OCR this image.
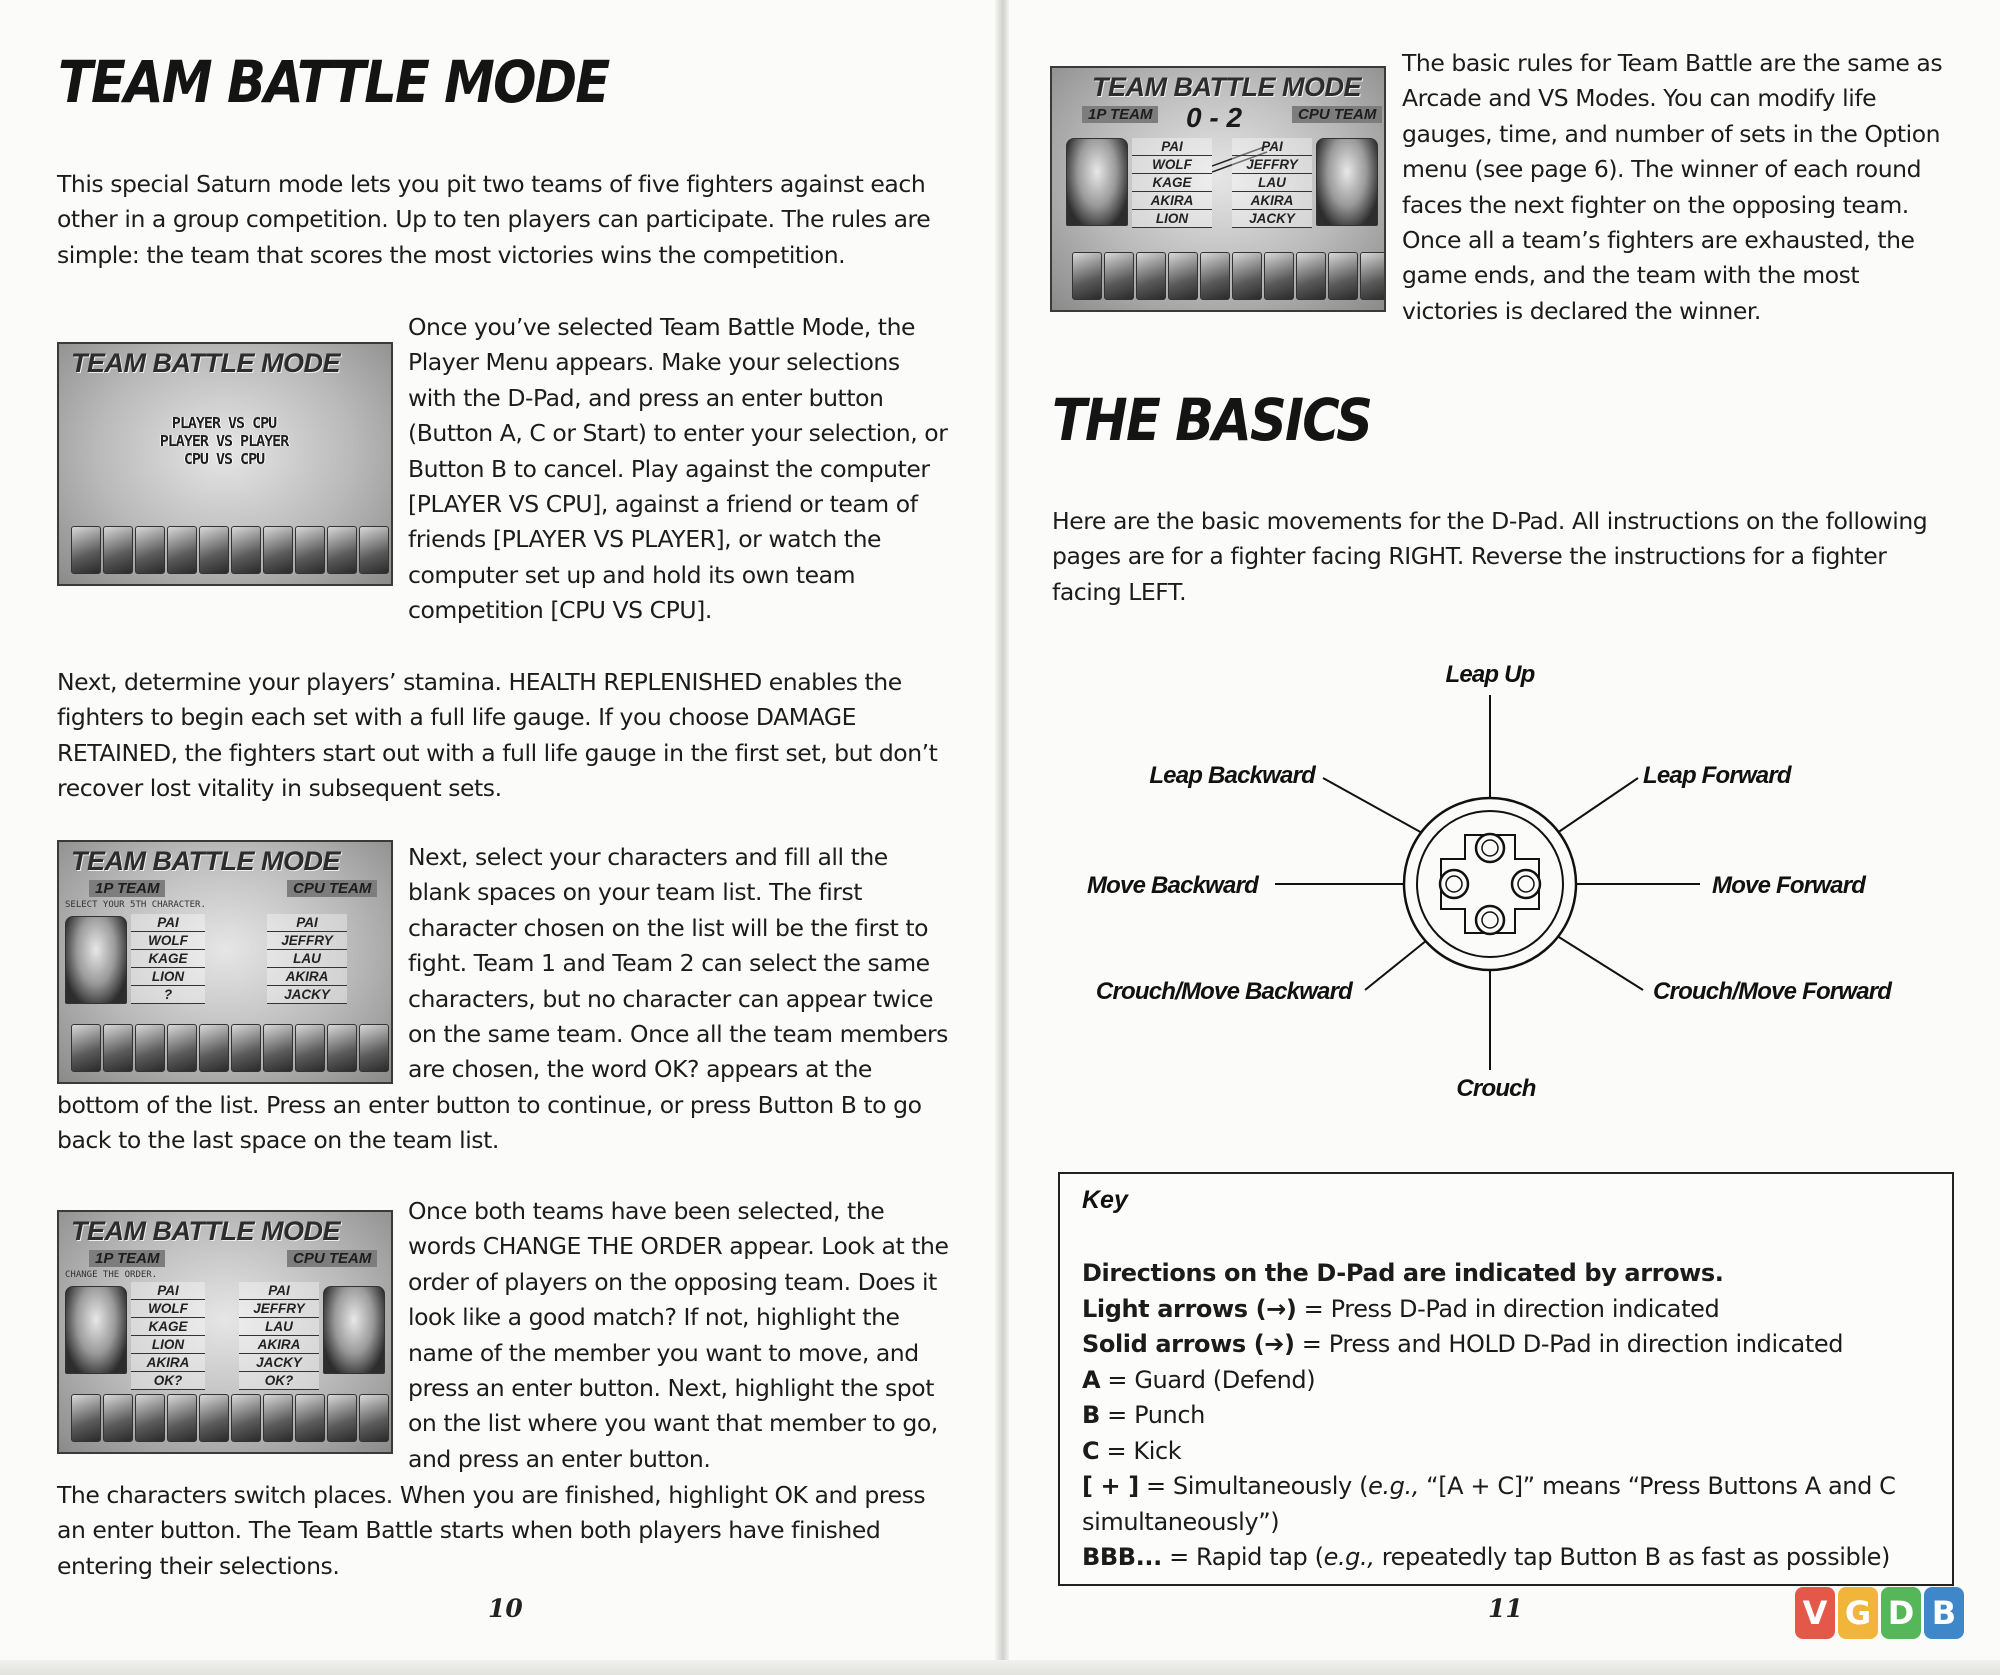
TEAM BATTLE MODE

This special Saturn mode lets you pit two teams of five fighters against each other in a group competition. Up to ten players can participate. The rules are simple: the team that scores the most victories wins the competition.

TEAM BATTLE MODE
PLAYER VS CPU
PLAYER VS PLAYER
CPU VS CPU

Once you’ve selected Team Battle Mode, the Player Menu appears. Make your selections with the D-Pad, and press an enter button (Button A, C or Start) to enter your selection, or Button B to cancel. Play against the computer [PLAYER VS CPU], against a friend or team of friends [PLAYER VS PLAYER], or watch the computer set up and hold its own team competition [CPU VS CPU].

Next, determine your players’ stamina. HEALTH REPLENISHED enables the fighters to begin each set with a full life gauge. If you choose DAMAGE RETAINED, the fighters start out with a full life gauge in the first set, but don’t recover lost vitality in subsequent sets.

TEAM BATTLE MODE
1P TEAM	CPU TEAM
SELECT YOUR 5TH CHARACTER.
PAI
WOLF
KAGE
LION
?
PAI
JEFFRY
LAU
AKIRA
JACKY

Next, select your characters and fill all the blank spaces on your team list. The first character chosen on the list will be the first to fight. Team 1 and Team 2 can select the same characters, but no character can appear twice on the same team. Once all the team members are chosen, the word OK? appears at the

bottom of the list. Press an enter button to continue, or press Button B to go back to the last space on the team list.

TEAM BATTLE MODE
1P TEAM	CPU TEAM
CHANGE THE ORDER.
PAI
WOLF
KAGE
LION
AKIRA
OK?
PAI
JEFFRY
LAU
AKIRA
JACKY
OK?

Once both teams have been selected, the words CHANGE THE ORDER appear. Look at the order of players on the opposing team. Does it look like a good match? If not, highlight the name of the member you want to move, and press an enter button. Next, highlight the spot on the list where you want that member to go, and press an enter button.

The characters switch places. When you are finished, highlight OK and press an enter button. The Team Battle starts when both players have finished entering their selections.

10
TEAM BATTLE MODE
1P TEAM	CPU TEAM
0 - 2
PAI
WOLF
KAGE
AKIRA
LION
PAI
JEFFRY
LAU
AKIRA
JACKY

The basic rules for Team Battle are the same as Arcade and VS Modes. You can modify life gauges, time, and number of sets in the Option menu (see page 6). The winner of each round faces the next fighter on the opposing team. Once all a team’s fighters are exhausted, the game ends, and the team with the most victories is declared the winner.

THE BASICS

Here are the basic movements for the D-Pad. All instructions on the following pages are for a fighter facing RIGHT. Reverse the instructions for a fighter facing LEFT.

Leap Up
Leap Backward	Leap Forward
Move Backward	Move Forward
Crouch/Move Backward	Crouch/Move Forward
Crouch
Key
Directions on the D-Pad are indicated by arrows.
Light arrows (→) = Press D-Pad in direction indicated
Solid arrows (➔) = Press and HOLD D-Pad in direction indicated
A = Guard (Defend)
B = Punch
C = Kick
[ + ] = Simultaneously (e.g., “[A + C]” means “Press Buttons A and C simultaneously”)
BBB... = Rapid tap (e.g., repeatedly tap Button B as fast as possible)
11	V G D B
